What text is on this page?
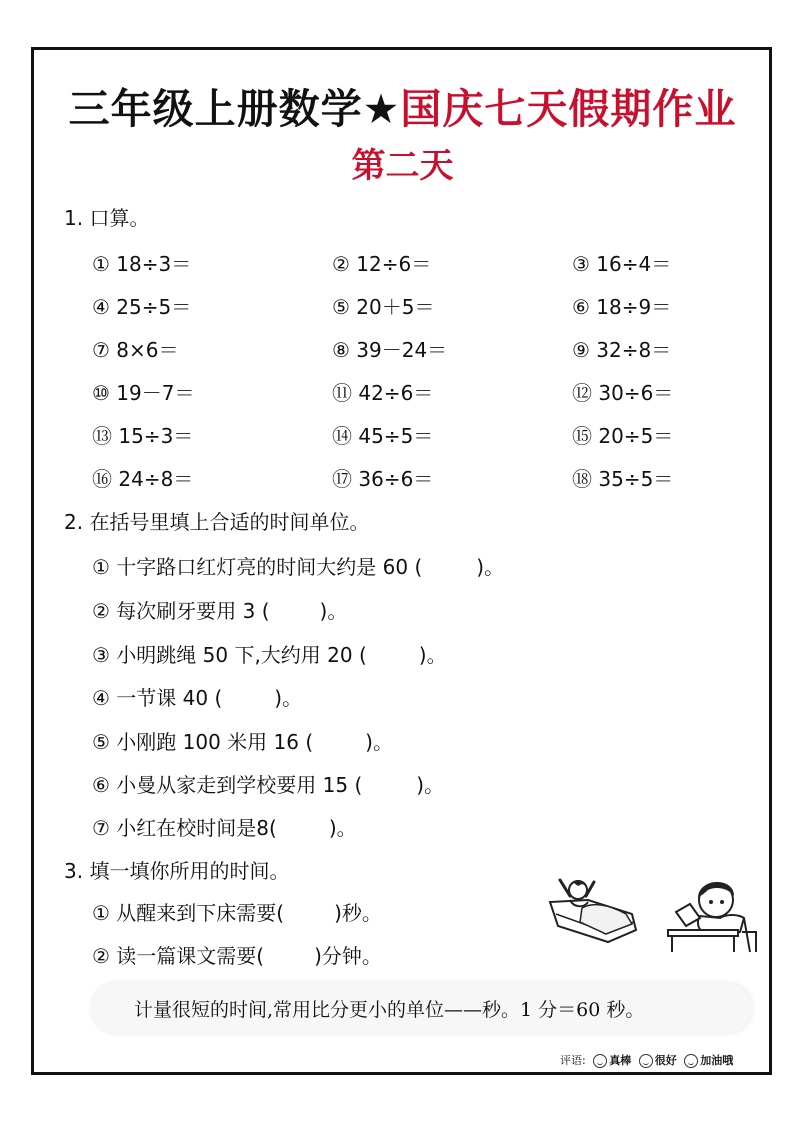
三年级上册数学★国庆七天假期作业
第二天
1. 口算。
① 18÷3＝	② 12÷6＝	③ 16÷4＝
④ 25÷5＝	⑤ 20＋5＝	⑥ 18÷9＝
⑦ 8×6＝	⑧ 39－24＝	⑨ 32÷8＝
⑩ 19－7＝	⑪ 42÷6＝	⑫ 30÷6＝
⑬ 15÷3＝	⑭ 45÷5＝	⑮ 20÷5＝
⑯ 24÷8＝	⑰ 36÷6＝	⑱ 35÷5＝
2. 在括号里填上合适的时间单位。
① 十字路口红灯亮的时间大约是 60 (	)。
② 每次刷牙要用 3 (	)。
③ 小明跳绳 50 下,大约用 20 (	)。
④ 一节课 40 (	)。
⑤ 小刚跑 100 米用 16 (	)。
⑥ 小曼从家走到学校要用 15 (	)。
⑦ 小红在校时间是8(	)。
3. 填一填你所用的时间。
① 从醒来到下床需要(	)秒。
② 读一篇课文需要(	)分钟。
计量很短的时间,常用比分更小的单位——秒。1 分＝60 秒。
评语: 真棒 很好 加油哦
